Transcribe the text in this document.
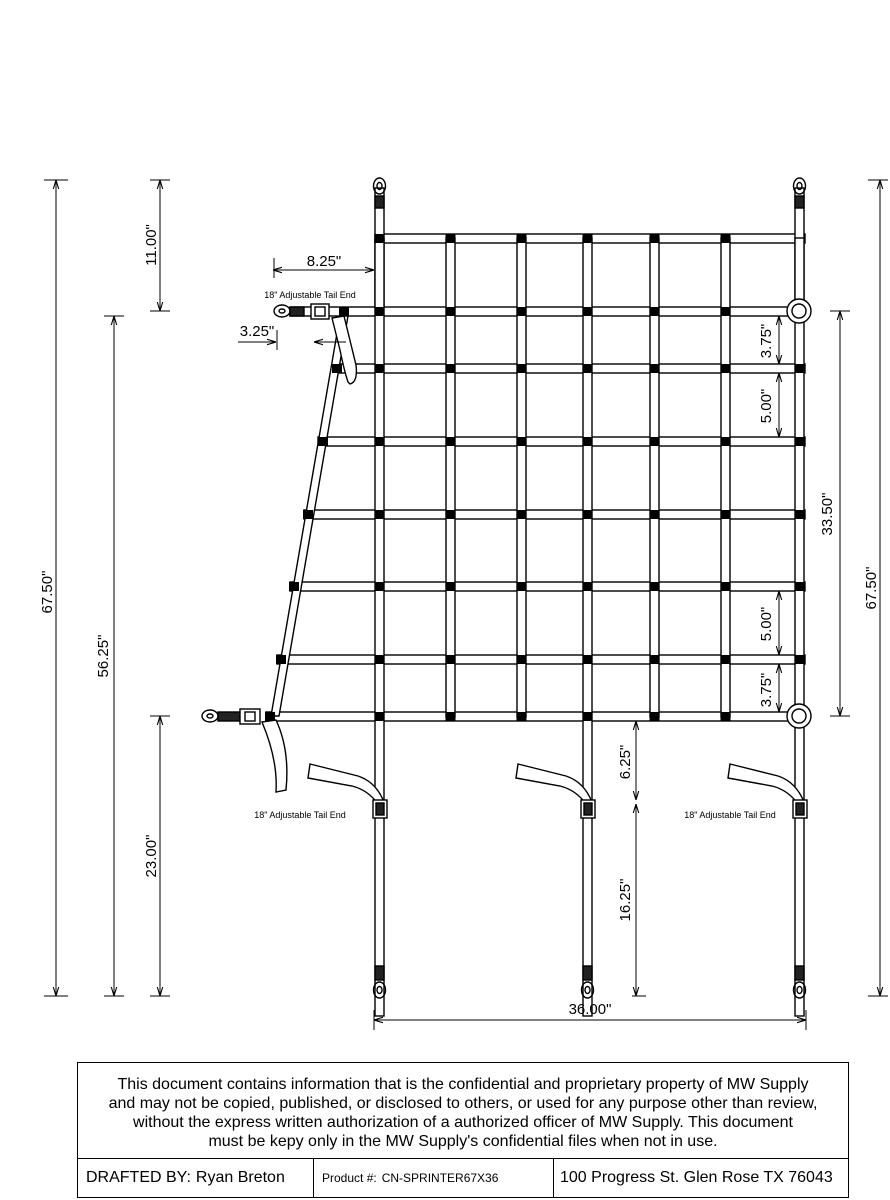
67.50"
11.00"
56.25"
23.00"
8.25"
3.25"	3.75"
5.00"
33.50"
5.00"
3.75"
67.50"
6.25"
16.25"
36.00"
18" Adjustable Tail End
18" Adjustable Tail End	18" Adjustable Tail End
This document contains information that is the confidential and proprietary property of MW Supply
and may not be copied, published, or disclosed to others, or used for any purpose other than review,
without the express written authorization of a authorized officer of MW Supply. This document
must be kepy only in the MW Supply's confidential files when not in use.
DRAFTED BY: Ryan Breton	Product #: CN-SPRINTER67X36	100 Progress St. Glen Rose TX 76043
